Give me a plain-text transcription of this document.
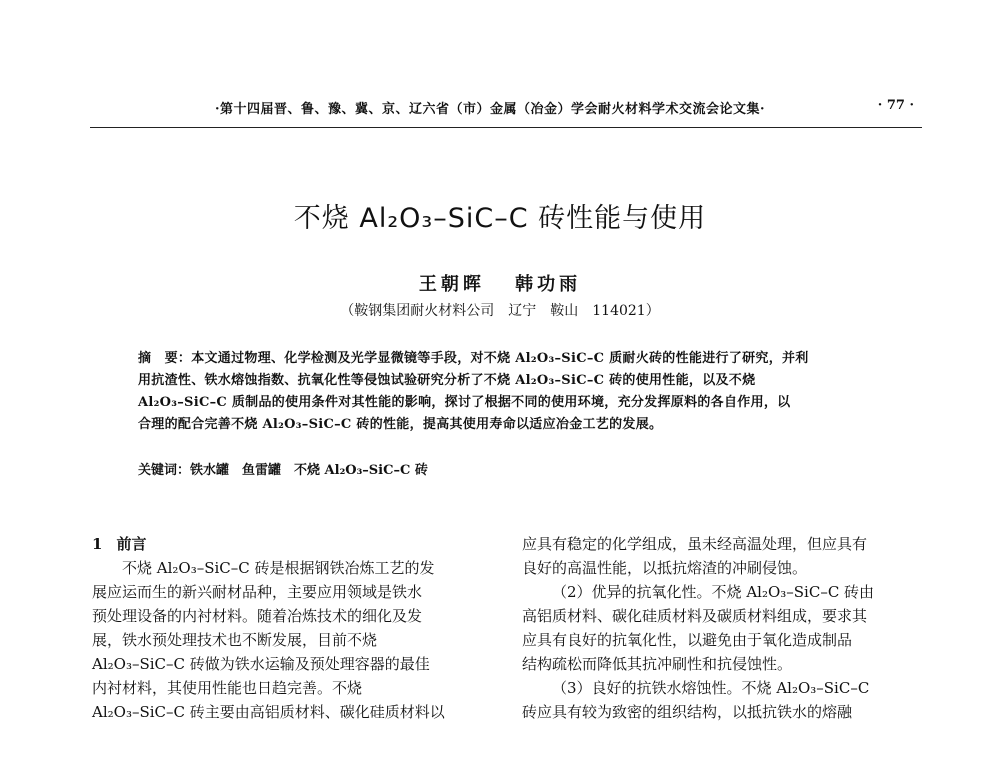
·第十四届晋、鲁、豫、冀、京、辽六省（市）金属（冶金）学会耐火材料学术交流会论文集·	· 77 ·
不烧 Al₂O₃–SiC–C 砖性能与使用
王朝晖 韩功雨
（鞍钢集团耐火材料公司　辽宁　鞍山　114021）
摘　要：本文通过物理、化学检测及光学显微镜等手段，对不烧 Al₂O₃–SiC–C 质耐火砖的性能进行了研究，并利
用抗渣性、铁水熔蚀指数、抗氧化性等侵蚀试验研究分析了不烧 Al₂O₃–SiC–C 砖的使用性能，以及不烧
Al₂O₃–SiC–C 质制品的使用条件对其性能的影响，探讨了根据不同的使用环境，充分发挥原料的各自作用，以
合理的配合完善不烧 Al₂O₃–SiC–C 砖的性能，提高其使用寿命以适应冶金工艺的发展。
关键词：铁水罐　鱼雷罐　不烧 Al₂O₃–SiC–C 砖
1 前言
不烧 Al₂O₃–SiC–C 砖是根据钢铁冶炼工艺的发
展应运而生的新兴耐材品种，主要应用领域是铁水
预处理设备的内衬材料。随着冶炼技术的细化及发
展，铁水预处理技术也不断发展，目前不烧
Al₂O₃–SiC–C 砖做为铁水运输及预处理容器的最佳
内衬材料，其使用性能也日趋完善。不烧
Al₂O₃–SiC–C 砖主要由高铝质材料、碳化硅质材料以
应具有稳定的化学组成，虽未经高温处理，但应具有
良好的高温性能，以抵抗熔渣的冲刷侵蚀。
（2）优异的抗氧化性。不烧 Al₂O₃–SiC–C 砖由
高铝质材料、碳化硅质材料及碳质材料组成，要求其
应具有良好的抗氧化性，以避免由于氧化造成制品
结构疏松而降低其抗冲刷性和抗侵蚀性。
（3）良好的抗铁水熔蚀性。不烧 Al₂O₃–SiC–C
砖应具有较为致密的组织结构，以抵抗铁水的熔融
